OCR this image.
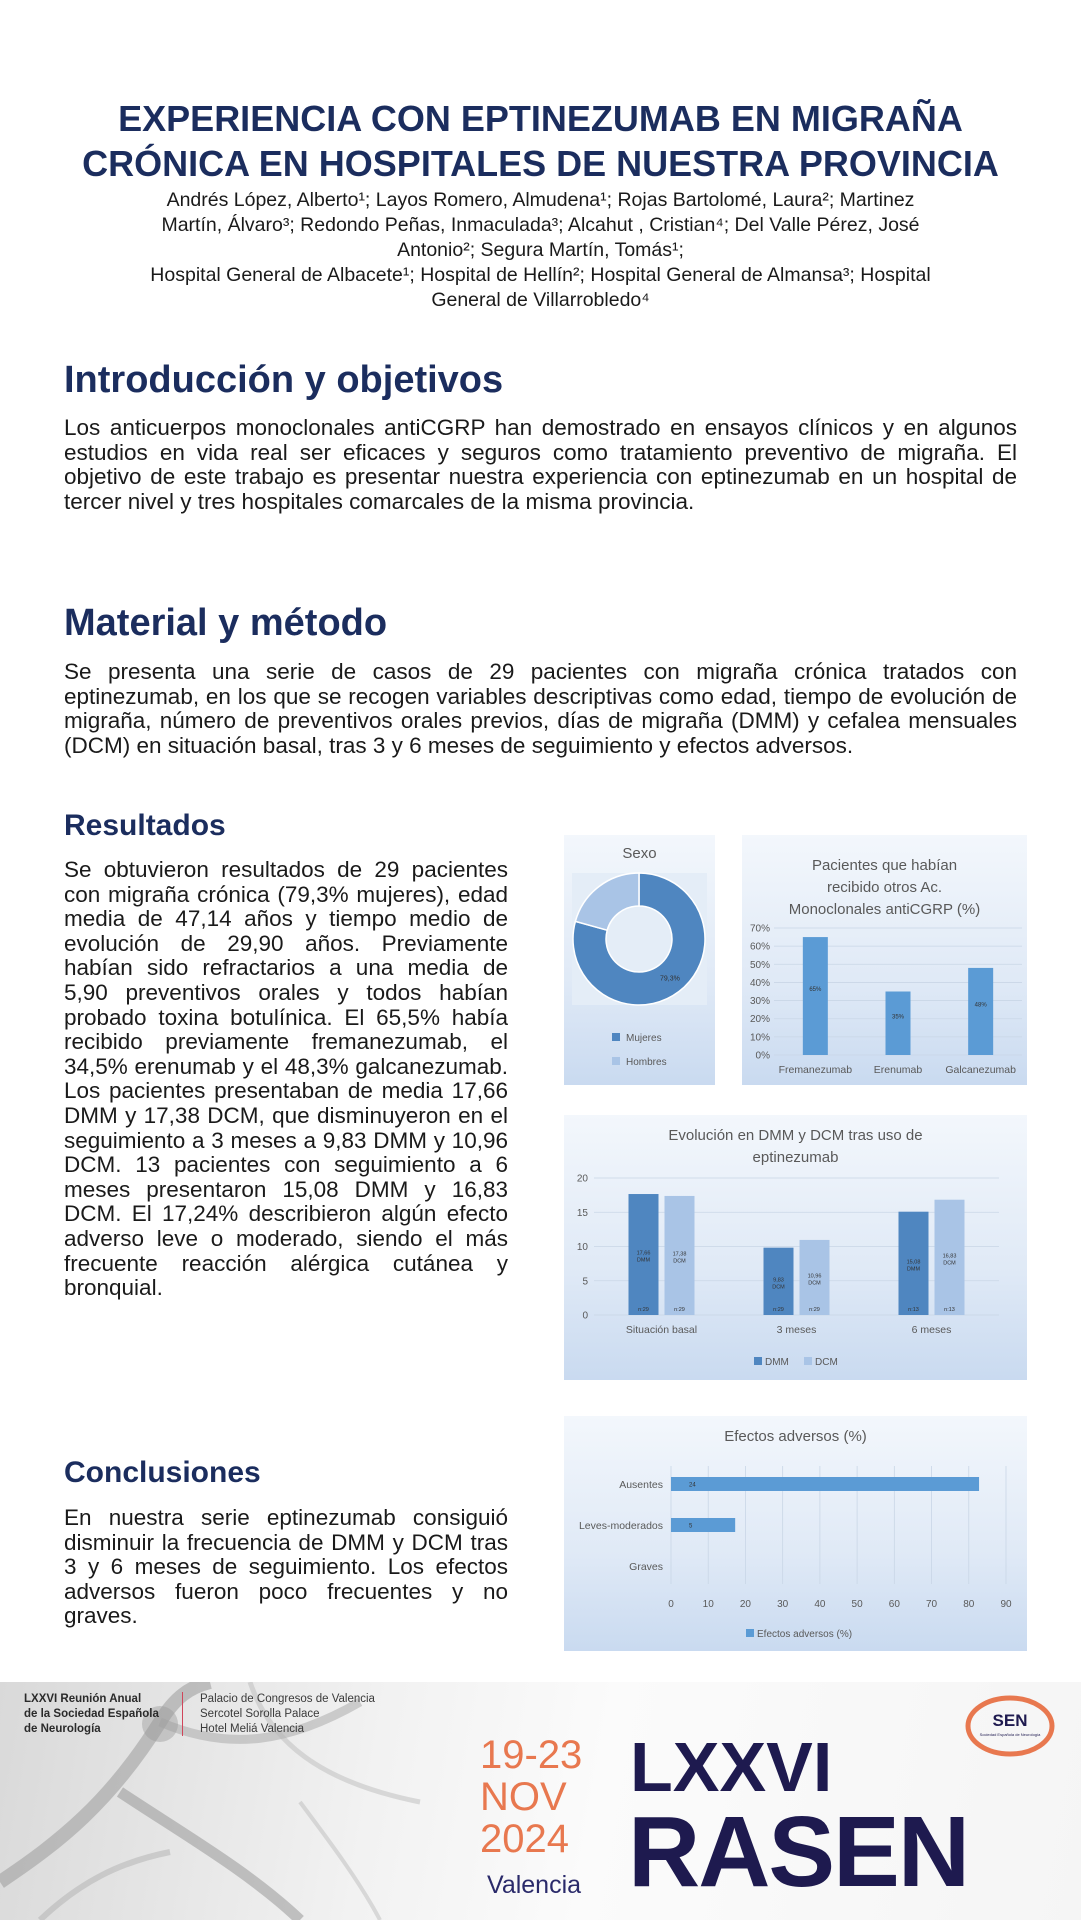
EXPERIENCIA CON EPTINEZUMAB EN MIGRAÑA
CRÓNICA EN HOSPITALES DE NUESTRA PROVINCIA
Andrés López, Alberto¹; Layos Romero, Almudena¹; Rojas Bartolomé, Laura²; Martinez
Martín, Álvaro³; Redondo Peñas, Inmaculada³; Alcahut , Cristian⁴; Del Valle Pérez, José
Antonio²; Segura Martín, Tomás¹;
Hospital General de Albacete¹; Hospital de Hellín²; Hospital General de Almansa³; Hospital
General de Villarrobledo⁴
Introducción y objetivos
Los anticuerpos monoclonales antiCGRP han demostrado en ensayos clínicos y en algunos estudios en vida real ser eficaces y seguros como tratamiento preventivo de migraña. El objetivo de este trabajo es presentar nuestra experiencia con eptinezumab en un hospital de tercer nivel y tres hospitales comarcales de la misma provincia.
Material y método
Se presenta una serie de casos de 29 pacientes con migraña crónica tratados con eptinezumab, en los que se recogen variables descriptivas como edad, tiempo de evolución de migraña, número de preventivos orales previos, días de migraña (DMM) y cefalea mensuales (DCM) en situación basal, tras 3 y 6 meses de seguimiento y efectos adversos.
Resultados
Se obtuvieron resultados de 29 pacientes con migraña crónica (79,3% mujeres), edad media de 47,14 años y tiempo medio de evolución de 29,90 años. Previamente habían sido refractarios a una media de 5,90 preventivos orales y todos habían probado toxina botulínica. El 65,5% había recibido previamente fremanezumab, el 34,5% erenumab y el 48,3% galcanezumab. Los pacientes presentaban de media 17,66 DMM y 17,38 DCM, que disminuyeron en el seguimiento a 3 meses a 9,83 DMM y 10,96 DCM. 13 pacientes con seguimiento a 6 meses presentaron 15,08 DMM y 16,83 DCM. El 17,24% describieron algún efecto adverso leve o moderado, siendo el más frecuente reacción alérgica cutánea y bronquial.
Conclusiones
En nuestra serie eptinezumab consiguió disminuir la frecuencia de DMM y DCM tras 3 y 6 meses de seguimiento. Los efectos adversos fueron poco frecuentes y no graves.
Sexo
79,3%
Mujeres
Hombres
Pacientes que habían
recibido otros Ac.
Monoclonales antiCGRP (%)
0%
10%
20%
30%
40%
50%
60%
70%
65%
Fremanezumab
35%
Erenumab
48%
Galcanezumab
Evolución en DMM y DCM tras uso de
eptinezumab
0
5
10
15
20
17,66
DMM
n:29
17,38
DCM
n:29
Situación basal
9,83
DCM
n:29
10,96
DCM
n:29
3 meses
15,08
DMM
n:13
16,83
DCM
n:13
6 meses
DMM	DCM
Efectos adversos (%)
0	10	20	30	40	50	60	70	80	90
Ausentes	24
Leves-moderados	5
Graves
Efectos adversos (%)
LXXVI Reunión Anual
de la Sociedad Española
de Neurología
Palacio de Congresos de Valencia
Sercotel Sorolla Palace
Hotel Meliá Valencia
19-23
NOV
2024
Valencia
LXXVI
RASEN
SEN
Sociedad Española de Neurología
